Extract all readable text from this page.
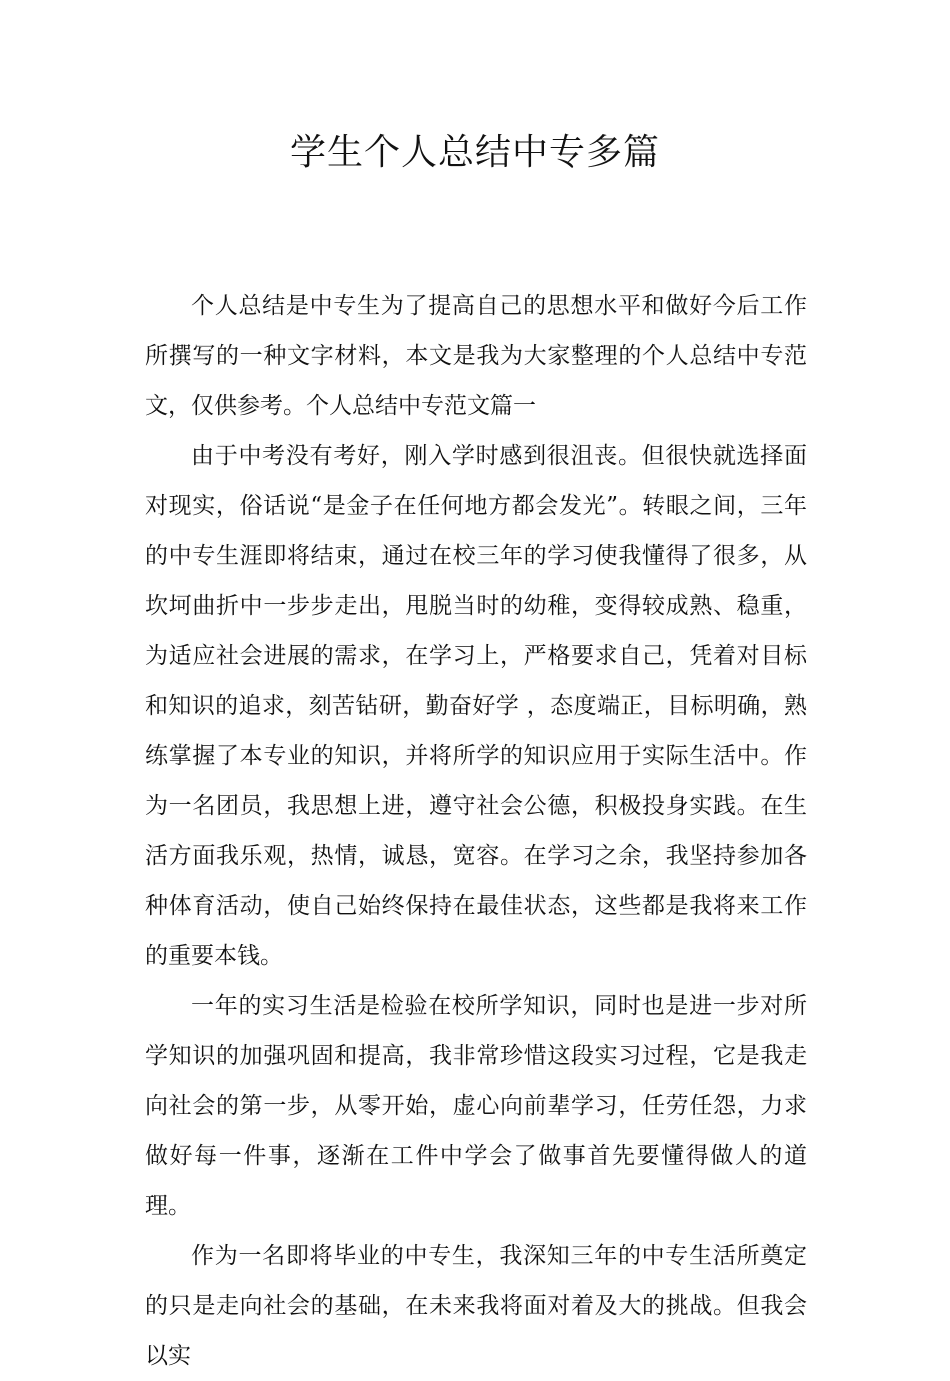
学生个人总结中专多篇

个人总结是中专生为了提高自己的思想水平和做好今后工作所撰写的一种文字材料，本文是我为大家整理的个人总结中专范文，仅供参考。个人总结中专范文篇一

由于中考没有考好，刚入学时感到很沮丧。但很快就选择面对现实，俗话说“是金子在任何地方都会发光”。转眼之间，三年的中专生涯即将结束，通过在校三年的学习使我懂得了很多，从坎坷曲折中一步步走出，甩脱当时的幼稚，变得较成熟、稳重，为适应社会进展的需求，在学习上，严格要求自己，凭着对目标和知识的追求，刻苦钻研，勤奋好学 ，态度端正，目标明确，熟练掌握了本专业的知识，并将所学的知识应用于实际生活中。作为一名团员，我思想上进，遵守社会公德，积极投身实践。在生活方面我乐观，热情，诚恳，宽容。在学习之余，我坚持参加各种体育活动，使自己始终保持在最佳状态，这些都是我将来工作的重要本钱。

一年的实习生活是检验在校所学知识，同时也是进一步对所学知识的加强巩固和提高，我非常珍惜这段实习过程，它是我走向社会的第一步，从零开始，虚心向前辈学习，任劳任怨，力求做好每一件事，逐渐在工件中学会了做事首先要懂得做人的道理。

作为一名即将毕业的中专生，我深知三年的中专生活所奠定的只是走向社会的基础，在未来我将面对着及大的挑战。但我会以实
